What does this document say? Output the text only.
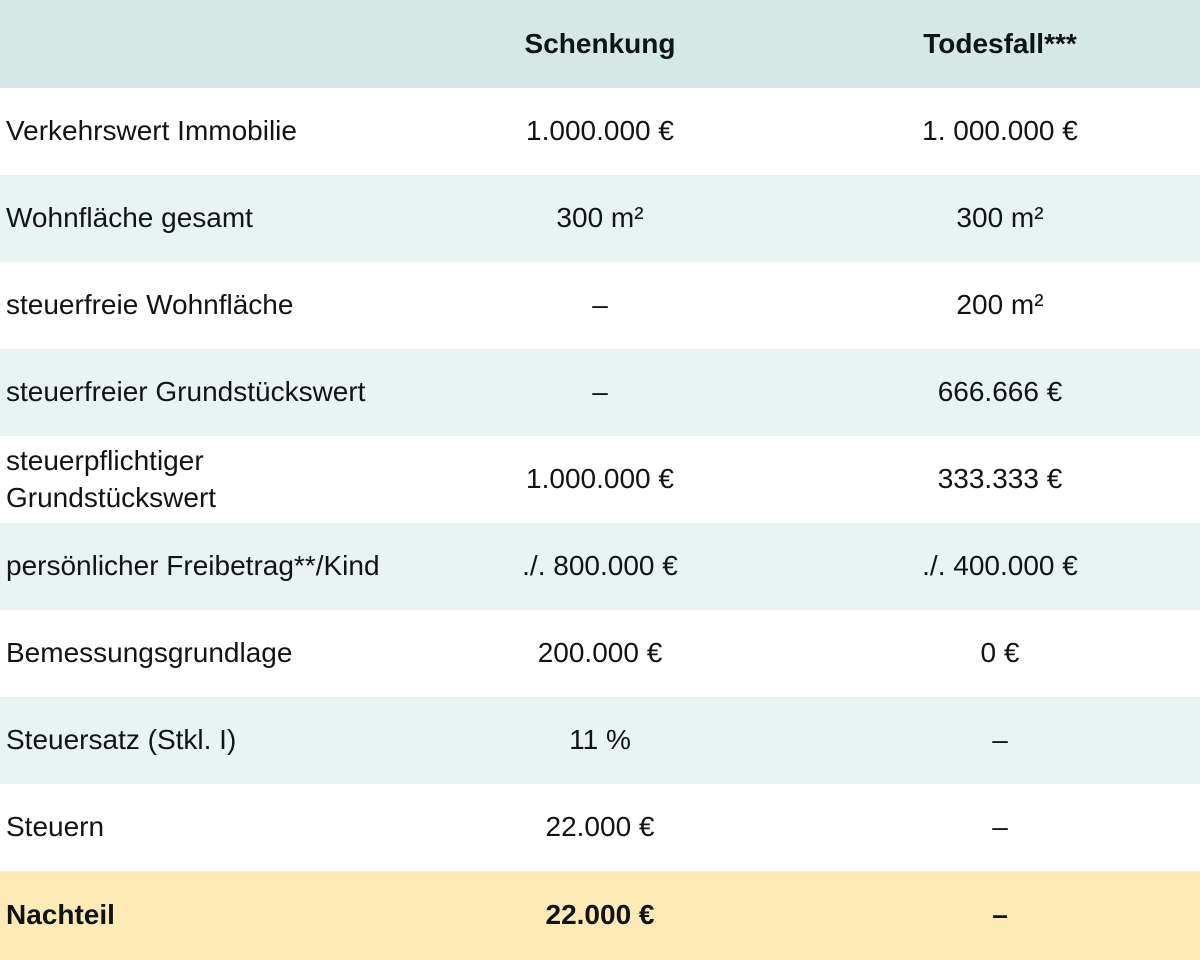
	Schenkung	Todesfall***
Verkehrswert Immobilie	1.000.000 €	1. 000.000 €
Wohnfläche gesamt	300 m²	300 m²
steuerfreie Wohnfläche	–	200 m²
steuerfreier Grundstückswert	–	666.666 €
steuerpflichtiger Grundstückswert	1.000.000 €	333.333 €
persönlicher Freibetrag**/Kind	./. 800.000 €	./. 400.000 €
Bemessungsgrundlage	200.000 €	0 €
Steuersatz (Stkl. I)	11 %	–
Steuern	22.000 €	–
Nachteil	22.000 €	–
